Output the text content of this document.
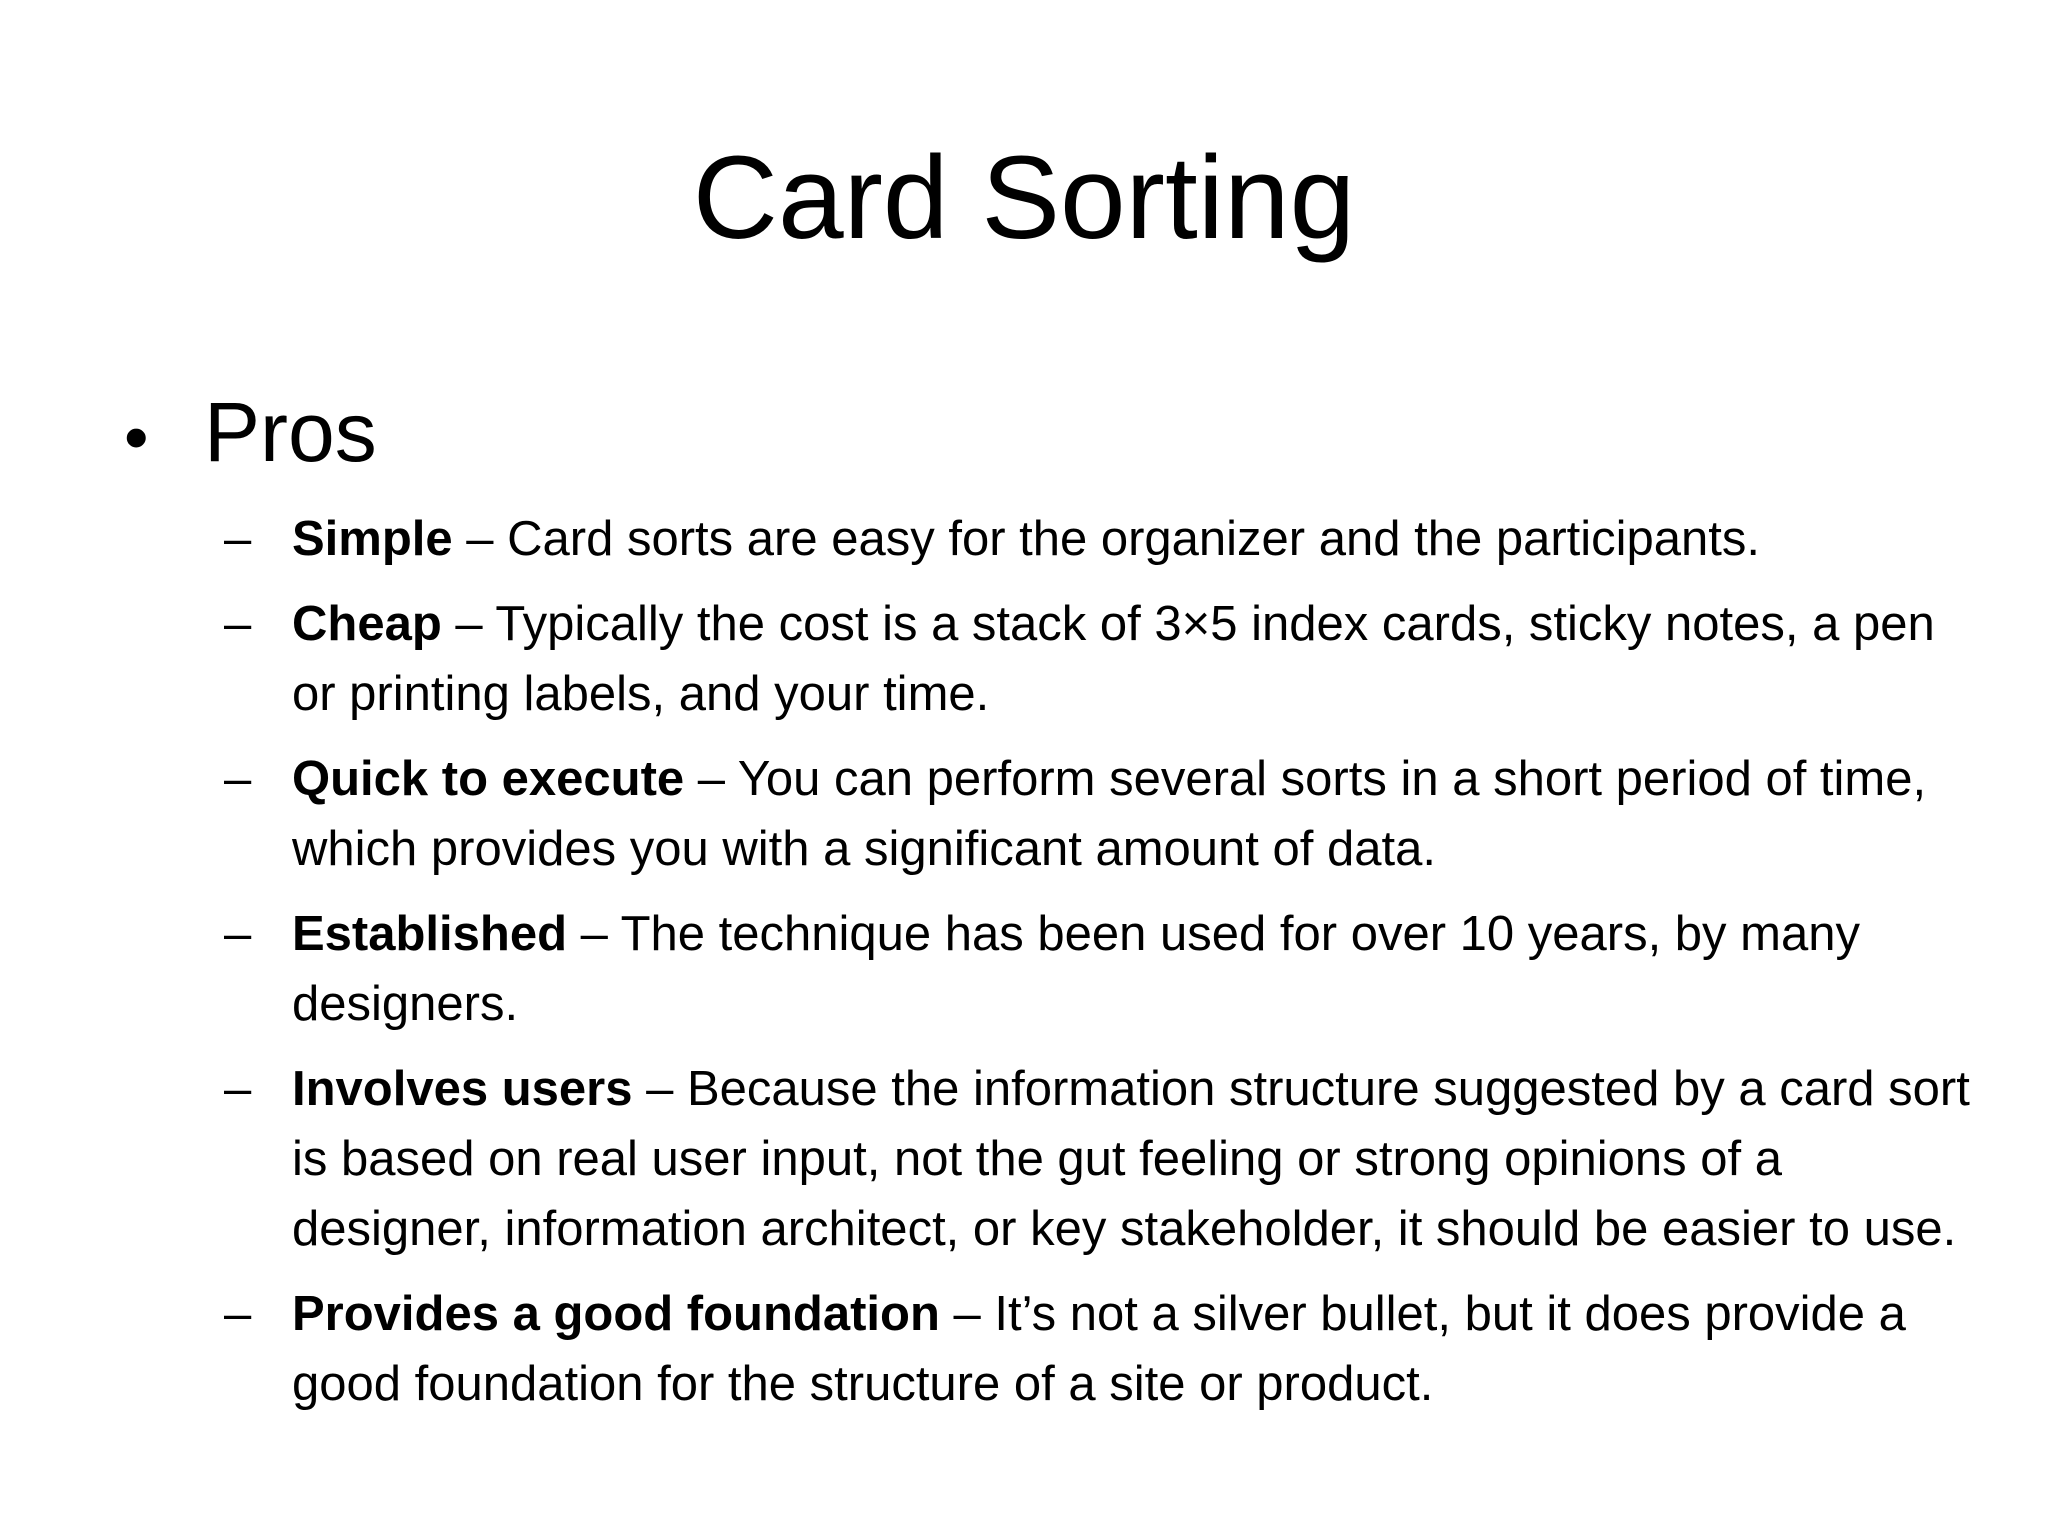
Card Sorting
• Pros
– Simple – Card sorts are easy for the organizer and the participants.
– Cheap – Typically the cost is a stack of 3×5 index cards, sticky notes, a pen or printing labels, and your time.
– Quick to execute – You can perform several sorts in a short period of time, which provides you with a significant amount of data.
– Established – The technique has been used for over 10 years, by many designers.
– Involves users – Because the information structure suggested by a card sort is based on real user input, not the gut feeling or strong opinions of a designer, information architect, or key stakeholder, it should be easier to use.
– Provides a good foundation – It’s not a silver bullet, but it does provide a good foundation for the structure of a site or product.
